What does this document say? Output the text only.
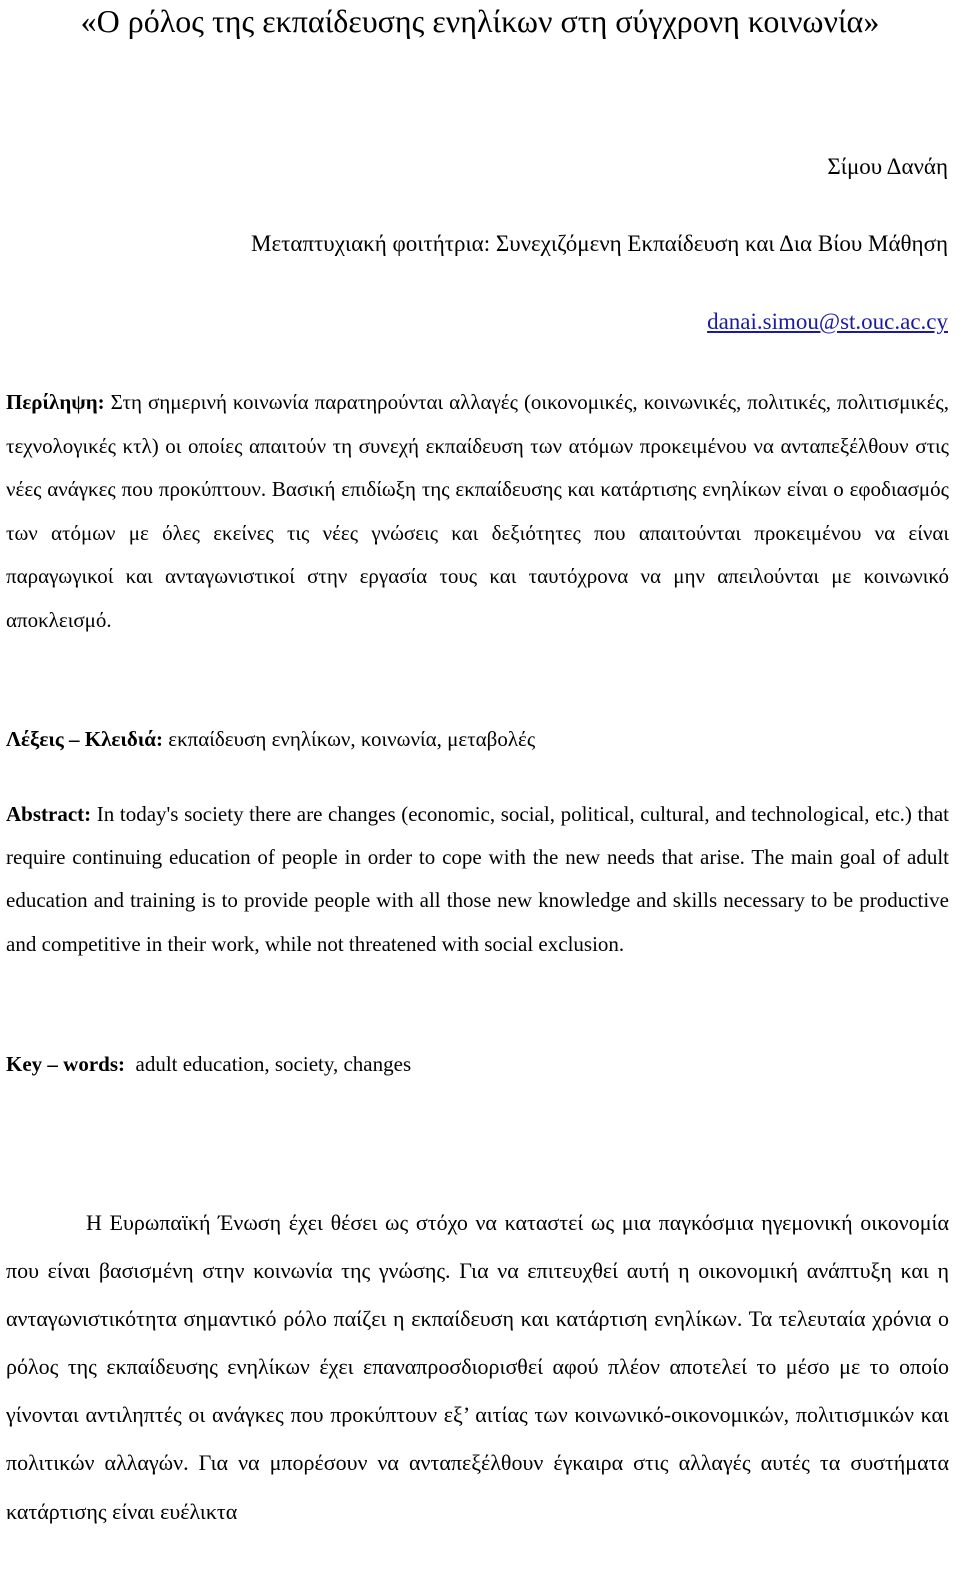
«Ο ρόλος της εκπαίδευσης ενηλίκων στη σύγχρονη κοινωνία»
Σίμου Δανάη
Μεταπτυχιακή φοιτήτρια: Συνεχιζόμενη Εκπαίδευση και Δια Βίου Μάθηση
danai.simou@st.ouc.ac.cy

Περίληψη: Στη σημερινή κοινωνία παρατηρούνται αλλαγές (οικονομικές, κοινωνικές, πολιτικές, πολιτισμικές, τεχνολογικές κτλ) οι οποίες απαιτούν τη συνεχή εκπαίδευση των ατόμων προκειμένου να ανταπεξέλθουν στις νέες ανάγκες που προκύπτουν. Βασική επιδίωξη της εκπαίδευσης και κατάρτισης ενηλίκων είναι ο εφοδιασμός των ατόμων με όλες εκείνες τις νέες γνώσεις και δεξιότητες που απαιτούνται προκειμένου να είναι παραγωγικοί και ανταγωνιστικοί στην εργασία τους και ταυτόχρονα να μην απειλούνται με κοινωνικό αποκλεισμό.

Λέξεις – Κλειδιά: εκπαίδευση ενηλίκων, κοινωνία, μεταβολές

Abstract: In today's society there are changes (economic, social, political, cultural, and technological, etc.) that require continuing education of people in order to cope with the new needs that arise. The main goal of adult education and training is to provide people with all those new knowledge and skills necessary to be productive and competitive in their work, while not threatened with social exclusion.

Key – words:  adult education, society, changes

Η Ευρωπαϊκή Ένωση έχει θέσει ως στόχο να καταστεί ως μια παγκόσμια ηγεμονική οικονομία που είναι βασισμένη στην κοινωνία της γνώσης. Για να επιτευχθεί αυτή η οικονομική ανάπτυξη και η ανταγωνιστικότητα σημαντικό ρόλο παίζει η εκπαίδευση και κατάρτιση ενηλίκων. Τα τελευταία χρόνια ο ρόλος της εκπαίδευσης ενηλίκων έχει επαναπροσδιορισθεί αφού πλέον αποτελεί το μέσο με το οποίο γίνονται αντιληπτές οι ανάγκες που προκύπτουν εξ’ αιτίας των κοινωνικό-οικονομικών, πολιτισμικών και πολιτικών αλλαγών. Για να μπορέσουν να ανταπεξέλθουν έγκαιρα στις αλλαγές αυτές τα συστήματα κατάρτισης είναι ευέλικτα
